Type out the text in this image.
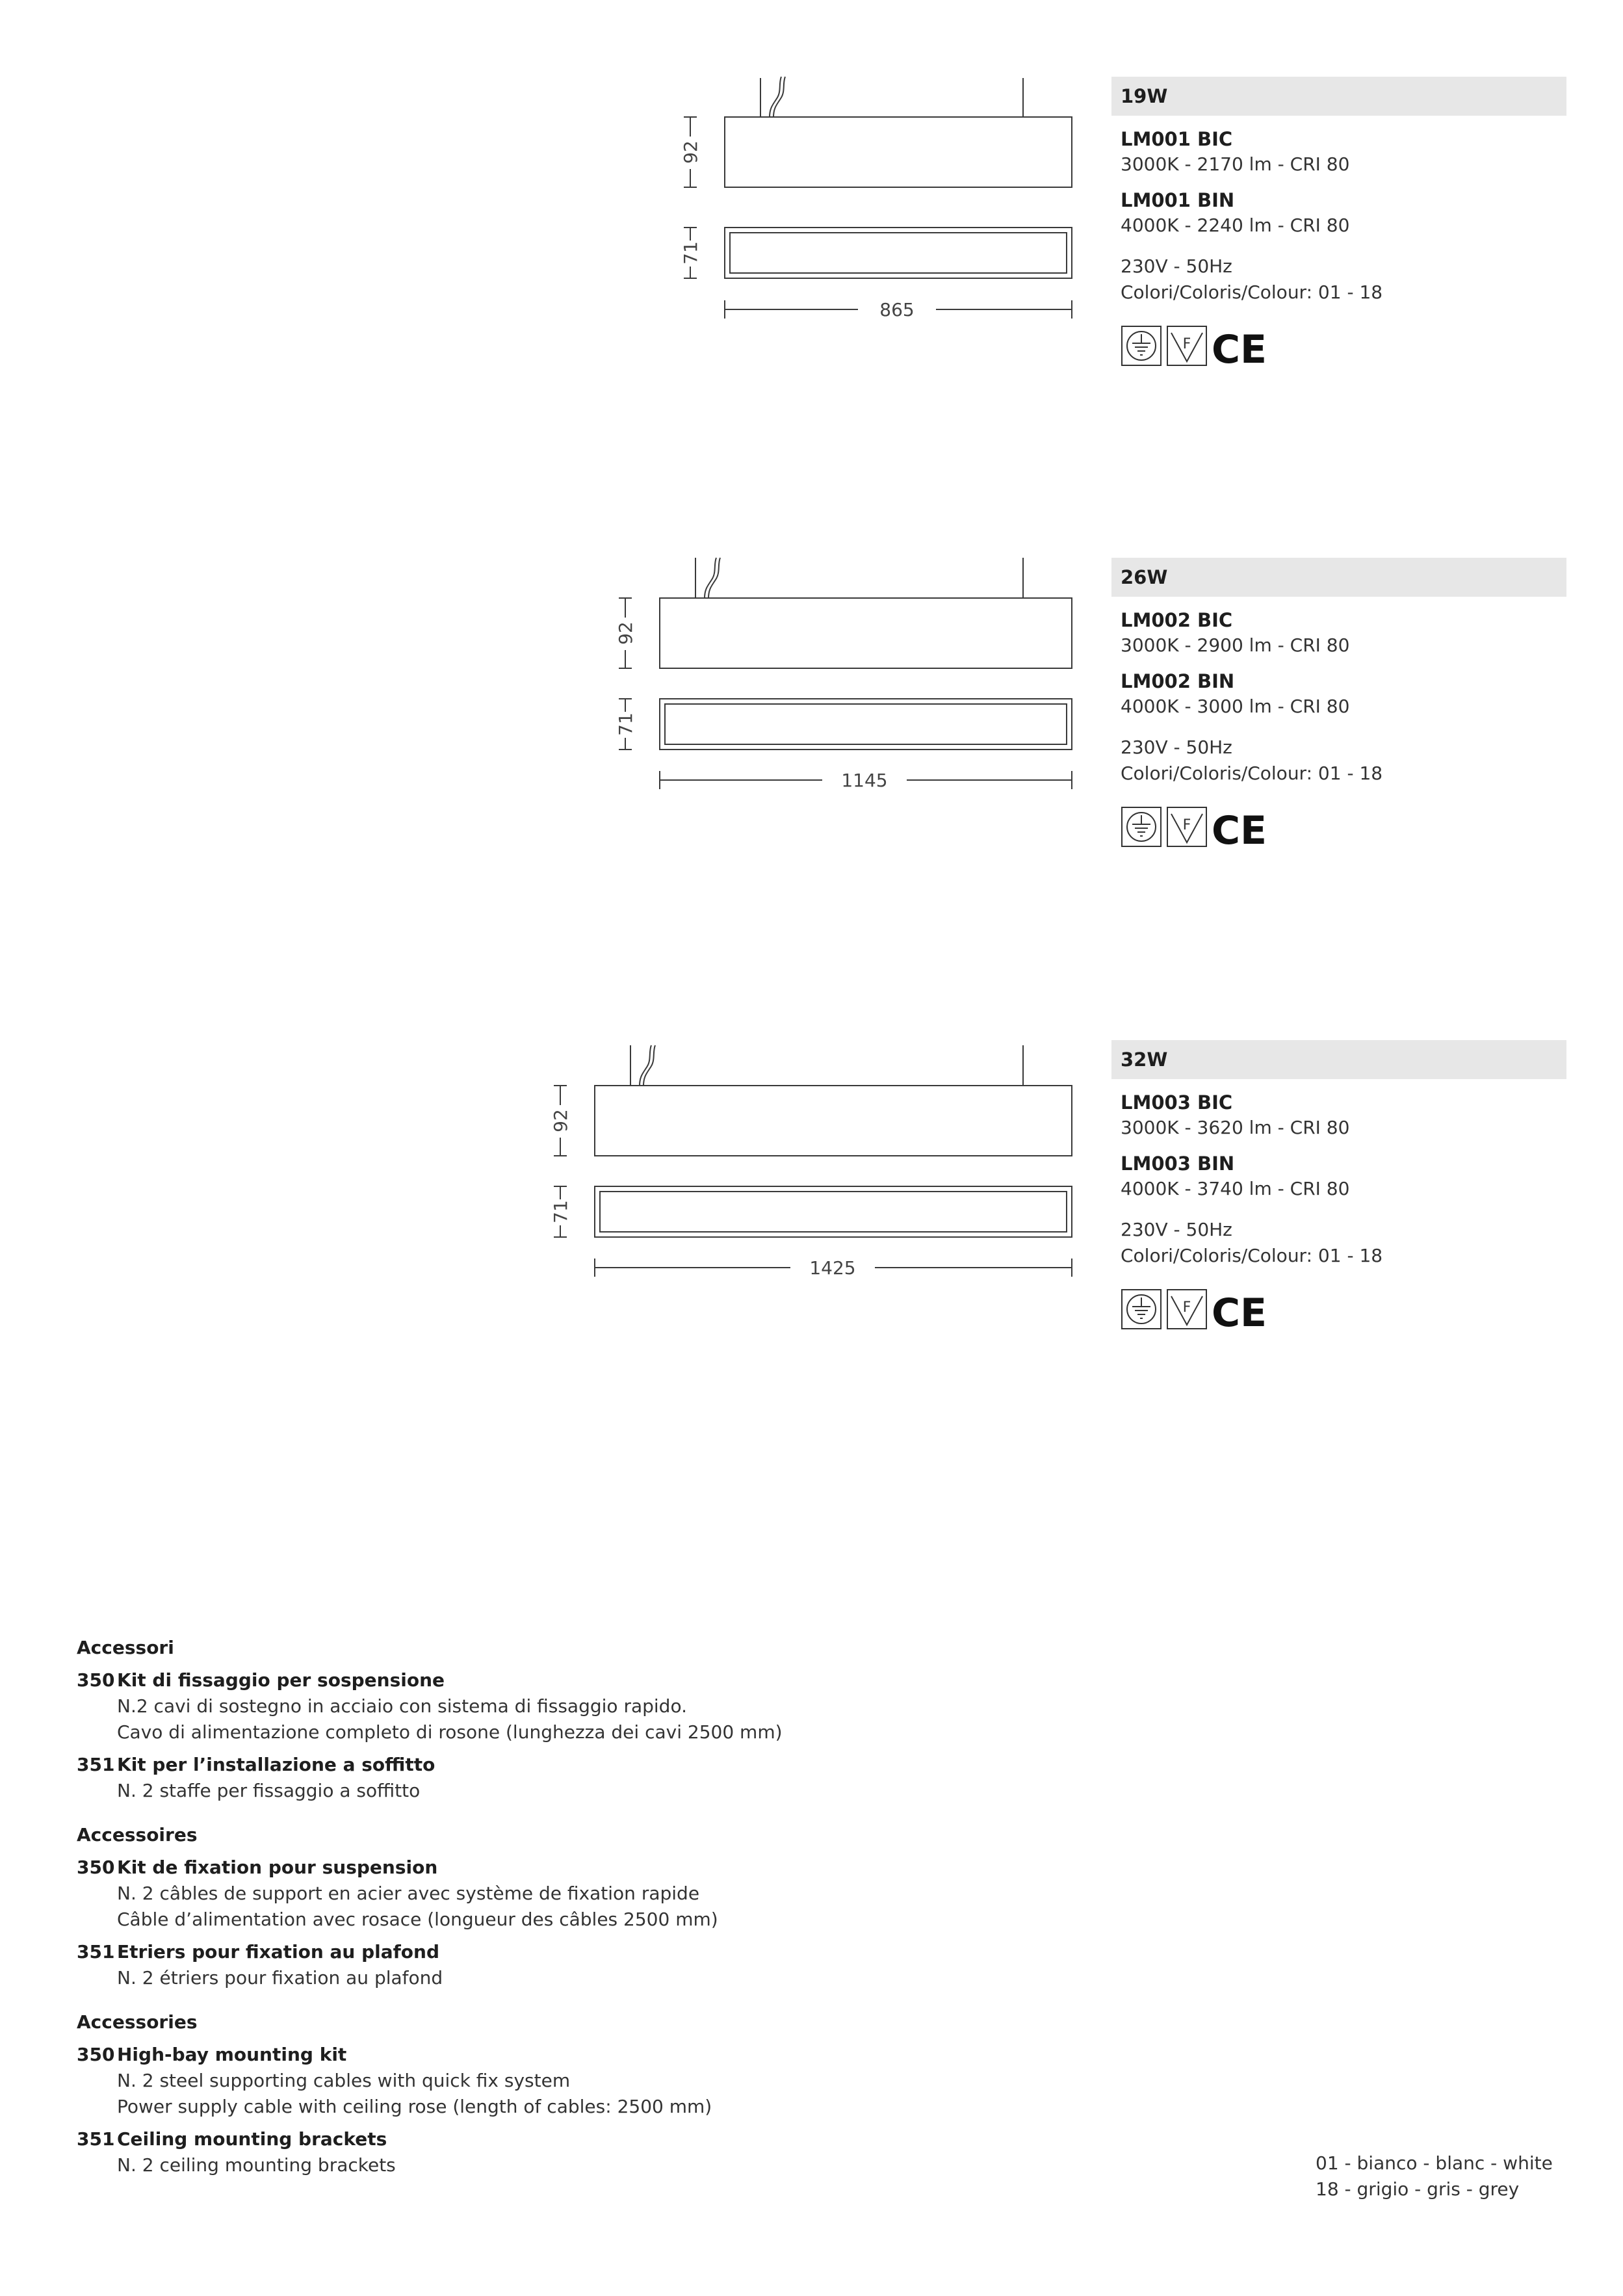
92
71
865
19W
LM001 BIC
3000K - 2170 lm - CRI 80
LM001 BIN
4000K - 2240 lm - CRI 80
230V - 50Hz
Colori/Coloris/Colour: 01 - 18
F CE
92
71
1145
26W
LM002 BIC
3000K - 2900 lm - CRI 80
LM002 BIN
4000K - 3000 lm - CRI 80
230V - 50Hz
Colori/Coloris/Colour: 01 - 18
F CE
92
71
1425
32W
LM003 BIC
3000K - 3620 lm - CRI 80
LM003 BIN
4000K - 3740 lm - CRI 80
230V - 50Hz
Colori/Coloris/Colour: 01 - 18
F CE
Accessori
350 Kit di fissaggio per sospensione
N.2 cavi di sostegno in acciaio con sistema di fissaggio rapido.
Cavo di alimentazione completo di rosone (lunghezza dei cavi 2500 mm)
351 Kit per l’installazione a soffitto
N. 2 staffe per fissaggio a soffitto
Accessoires
350 Kit de fixation pour suspension
N. 2 câbles de support en acier avec système de fixation rapide
Câble d’alimentation avec rosace (longueur des câbles 2500 mm)
351 Etriers pour fixation au plafond
N. 2 étriers pour fixation au plafond
Accessories
350 High-bay mounting kit
N. 2 steel supporting cables with quick fix system
Power supply cable with ceiling rose (length of cables: 2500 mm)
351 Ceiling mounting brackets
N. 2 ceiling mounting brackets	01 - bianco - blanc - white
18 - grigio - gris - grey
